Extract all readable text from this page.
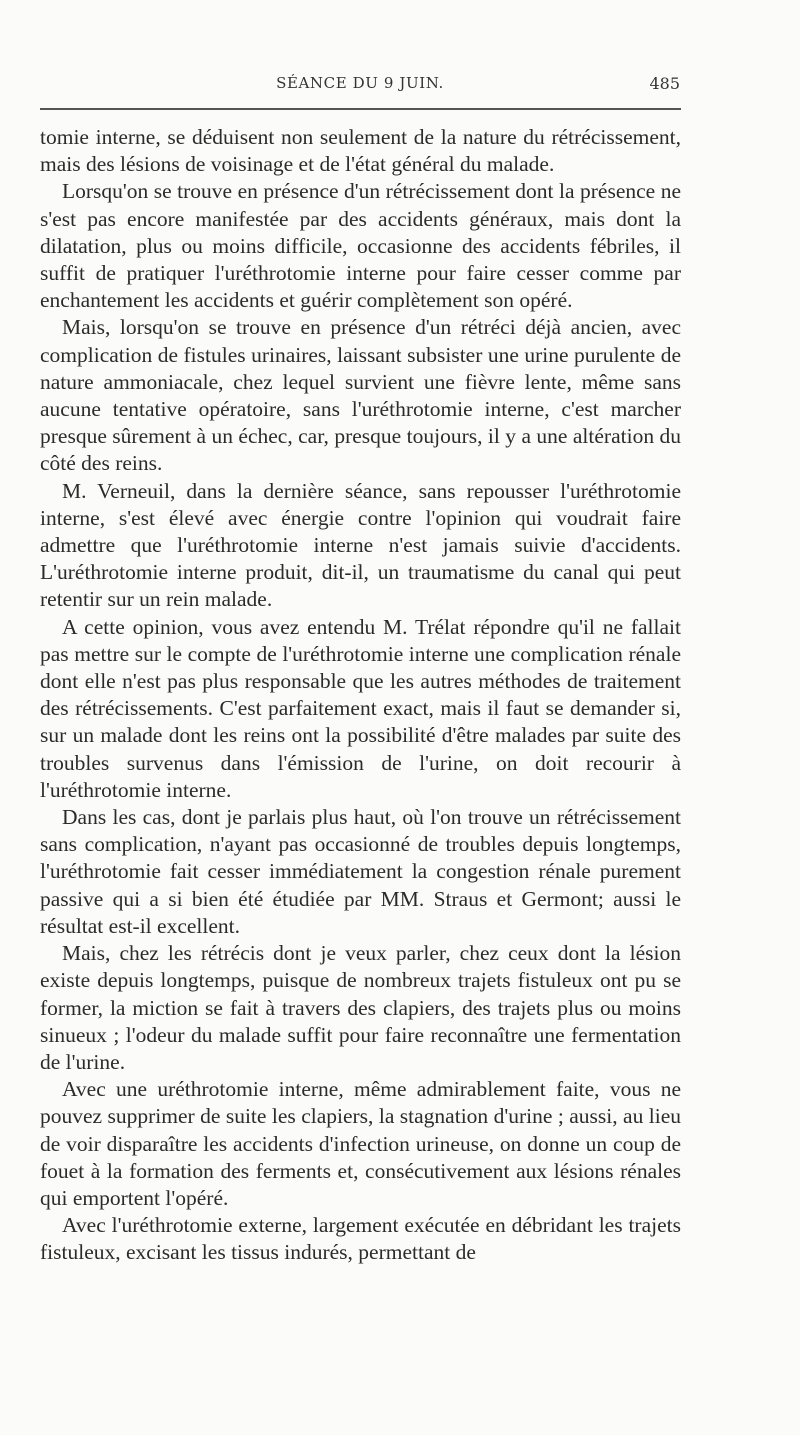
SÉANCE DU 9 JUIN.	485

tomie interne, se déduisent non seulement de la nature du rétrécissement, mais des lésions de voisinage et de l'état général du malade.

Lorsqu'on se trouve en présence d'un rétrécissement dont la présence ne s'est pas encore manifestée par des accidents généraux, mais dont la dilatation, plus ou moins difficile, occasionne des accidents fébriles, il suffit de pratiquer l'uréthrotomie interne pour faire cesser comme par enchantement les accidents et guérir complètement son opéré.

Mais, lorsqu'on se trouve en présence d'un rétréci déjà ancien, avec complication de fistules urinaires, laissant subsister une urine purulente de nature ammoniacale, chez lequel survient une fièvre lente, même sans aucune tentative opératoire, sans l'uréthrotomie interne, c'est marcher presque sûrement à un échec, car, presque toujours, il y a une altération du côté des reins.

M. Verneuil, dans la dernière séance, sans repousser l'uréthrotomie interne, s'est élevé avec énergie contre l'opinion qui voudrait faire admettre que l'uréthrotomie interne n'est jamais suivie d'accidents. L'uréthrotomie interne produit, dit-il, un traumatisme du canal qui peut retentir sur un rein malade.

A cette opinion, vous avez entendu M. Trélat répondre qu'il ne fallait pas mettre sur le compte de l'uréthrotomie interne une complication rénale dont elle n'est pas plus responsable que les autres méthodes de traitement des rétrécissements. C'est parfaitement exact, mais il faut se demander si, sur un malade dont les reins ont la possibilité d'être malades par suite des troubles survenus dans l'émission de l'urine, on doit recourir à l'uréthrotomie interne.

Dans les cas, dont je parlais plus haut, où l'on trouve un rétrécissement sans complication, n'ayant pas occasionné de troubles depuis longtemps, l'uréthrotomie fait cesser immédiatement la congestion rénale purement passive qui a si bien été étudiée par MM. Straus et Germont; aussi le résultat est-il excellent.

Mais, chez les rétrécis dont je veux parler, chez ceux dont la lésion existe depuis longtemps, puisque de nombreux trajets fistuleux ont pu se former, la miction se fait à travers des clapiers, des trajets plus ou moins sinueux ; l'odeur du malade suffit pour faire reconnaître une fermentation de l'urine.

Avec une uréthrotomie interne, même admirablement faite, vous ne pouvez supprimer de suite les clapiers, la stagnation d'urine ; aussi, au lieu de voir disparaître les accidents d'infection urineuse, on donne un coup de fouet à la formation des ferments et, consécutivement aux lésions rénales qui emportent l'opéré.

Avec l'uréthrotomie externe, largement exécutée en débridant les trajets fistuleux, excisant les tissus indurés, permettant de
